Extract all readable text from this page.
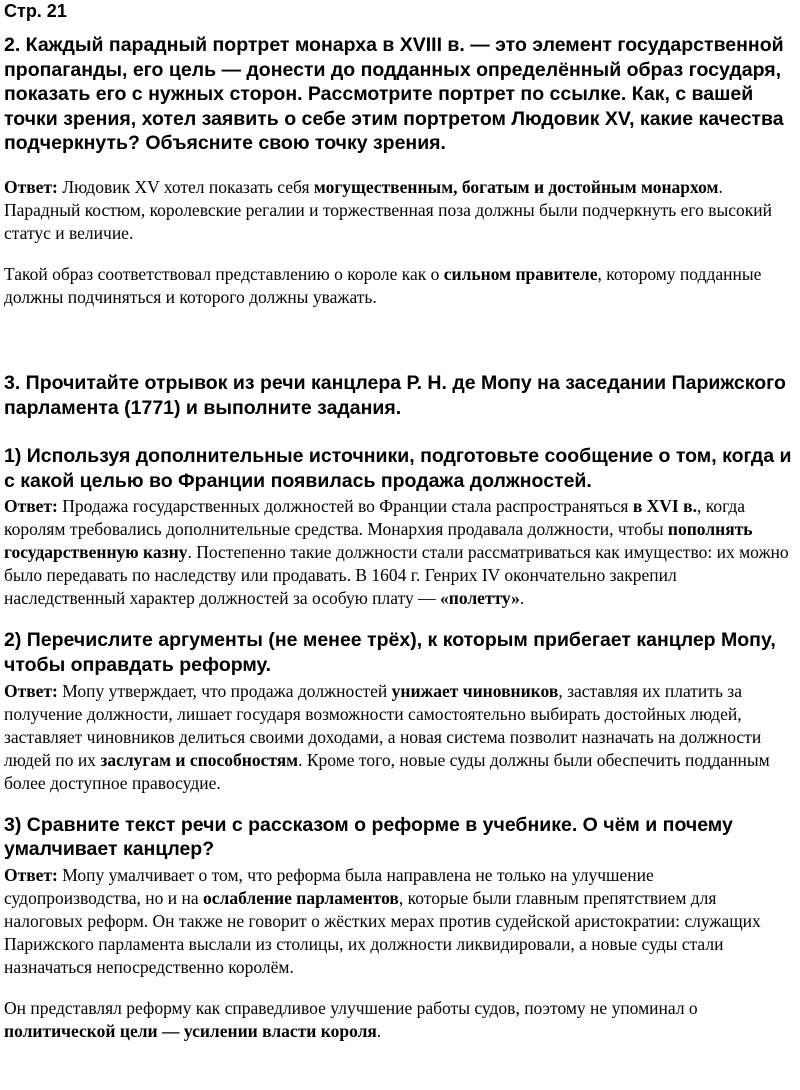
Стр. 21

2. Каждый парадный портрет монарха в XVIII в. — это элемент государственной пропаганды, его цель — донести до подданных определённый образ государя, показать его с нужных сторон. Рассмотрите портрет по ссылке. Как, с вашей точки зрения, хотел заявить о себе этим портретом Людовик XV, какие качества подчеркнуть? Объясните свою точку зрения.

Ответ: Людовик XV хотел показать себя могущественным, богатым и достойным монархом. Парадный костюм, королевские регалии и торжественная поза должны были подчеркнуть его высокий статус и величие.

Такой образ соответствовал представлению о короле как о сильном правителе, которому подданные должны подчиняться и которого должны уважать.

3. Прочитайте отрывок из речи канцлера Р. Н. де Мопу на заседании Парижского парламента (1771) и выполните задания.

1) Используя дополнительные источники, подготовьте сообщение о том, когда и с какой целью во Франции появилась продажа должностей.

Ответ: Продажа государственных должностей во Франции стала распространяться в XVI в., когда королям требовались дополнительные средства. Монархия продавала должности, чтобы пополнять государственную казну. Постепенно такие должности стали рассматриваться как имущество: их можно было передавать по наследству или продавать. В 1604 г. Генрих IV окончательно закрепил наследственный характер должностей за особую плату — «полетту».

2) Перечислите аргументы (не менее трёх), к которым прибегает канцлер Мопу, чтобы оправдать реформу.

Ответ: Мопу утверждает, что продажа должностей унижает чиновников, заставляя их платить за получение должности, лишает государя возможности самостоятельно выбирать достойных людей, заставляет чиновников делиться своими доходами, а новая система позволит назначать на должности людей по их заслугам и способностям. Кроме того, новые суды должны были обеспечить подданным более доступное правосудие.

3) Сравните текст речи с рассказом о реформе в учебнике. О чём и почему умалчивает канцлер?

Ответ: Мопу умалчивает о том, что реформа была направлена не только на улучшение судопроизводства, но и на ослабление парламентов, которые были главным препятствием для налоговых реформ. Он также не говорит о жёстких мерах против судейской аристократии: служащих Парижского парламента выслали из столицы, их должности ликвидировали, а новые суды стали назначаться непосредственно королём.

Он представлял реформу как справедливое улучшение работы судов, поэтому не упоминал о политической цели — усилении власти короля.
